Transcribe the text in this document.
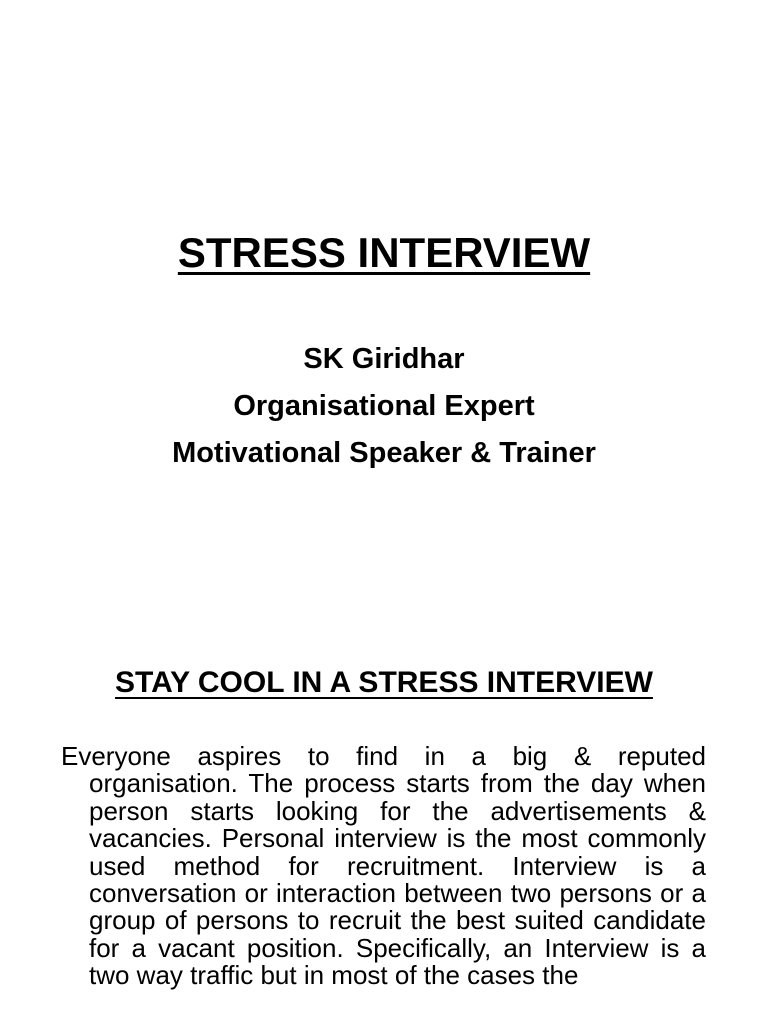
STRESS INTERVIEW
SK Giridhar
Organisational Expert
Motivational Speaker & Trainer
STAY COOL IN A STRESS INTERVIEW
Everyone aspires to find in a big & reputed organisation. The process starts from the day when person starts looking for the advertisements & vacancies. Personal interview is the most commonly used method for recruitment. Interview is a conversation or interaction between two persons or a group of persons to recruit the best suited candidate for a vacant position. Specifically, an Interview is a two way traffic but in most of the cases the
